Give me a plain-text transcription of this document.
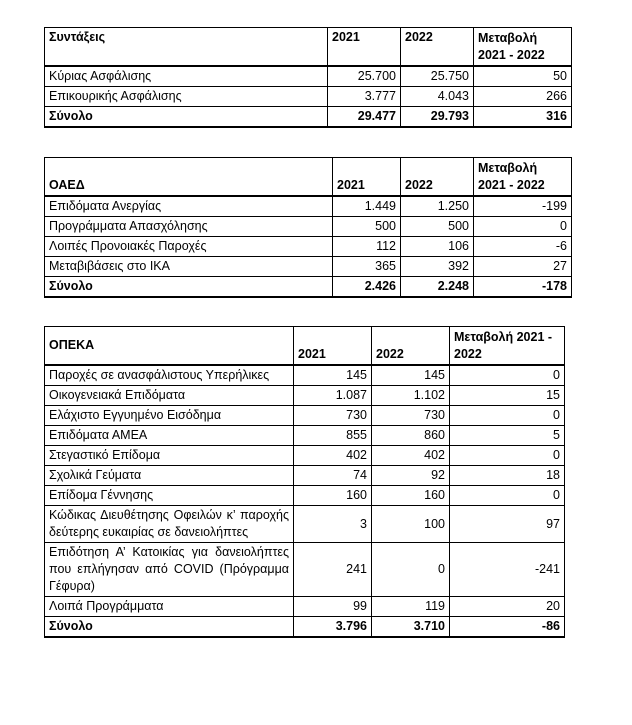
Συντάξεις	2021	2022	Μεταβολή 2021 - 2022
Κύριας Ασφάλισης	25.700	25.750	50
Επικουρικής Ασφάλισης	3.777	4.043	266
Σύνολο	29.477	29.793	316
ΟΑΕΔ	2021	2022	Μεταβολή 2021 - 2022
Επιδόματα Ανεργίας	1.449	1.250	-199
Προγράμματα Απασχόλησης	500	500	0
Λοιπές Προνοιακές Παροχές	112	106	-6
Μεταβιβάσεις στο ΙΚΑ	365	392	27
Σύνολο	2.426	2.248	-178
ΟΠΕΚΑ	2021	2022	Μεταβολή 2021 - 2022
Παροχές σε ανασφάλιστους Υπερήλικες	145	145	0
Οικογενειακά Επιδόματα	1.087	1.102	15
Ελάχιστο Εγγυημένο Εισόδημα	730	730	0
Επιδόματα ΑΜΕΑ	855	860	5
Στεγαστικό Επίδομα	402	402	0
Σχολικά Γεύματα	74	92	18
Επίδομα Γέννησης	160	160	0
Κώδικας Διευθέτησης Οφειλών κ’ παροχής δεύτερης ευκαιρίας σε δανειολήπτες	3	100	97
Επιδότηση Α’ Κατοικίας για δανειολήπτες που επλήγησαν από COVID (Πρόγραμμα Γέφυρα)	241	0	-241
Λοιπά Προγράμματα	99	119	20
Σύνολο	3.796	3.710	-86
